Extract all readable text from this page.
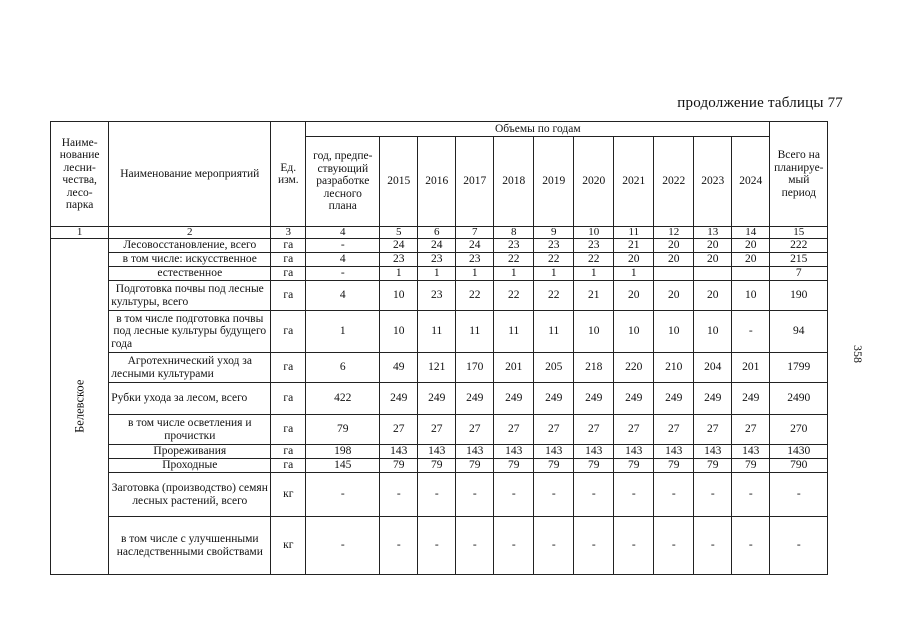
продолжение таблицы 77
358
Наиме-нование лесни-чества, лесо-парка	Наименование мероприятий	Ед. изм.	Объемы по годам											Всего на планируе-мый период
			год, предпе-ствующий разработке лесного плана	2015	2016	2017	2018	2019	2020	2021	2022	2023	2024	
1	2	3	4	5	6	7	8	9	10	11	12	13	14	15
Белевское	Лесовосстановление, всего	га	-	24	24	24	23	23	23	21	20	20	20	222
	в том числе: искусственное	га	4	23	23	23	22	22	22	20	20	20	20	215
	естественное	га	-	1	1	1	1	1	1	1				7
	Подготовка почвы под лесные культуры, всего	га	4	10	23	22	22	22	21	20	20	20	10	190
	в том числе подготовка почвы под лесные культуры будущего года	га	1	10	11	11	11	11	10	10	10	10	-	94
	Агротехнический уход за лесными культурами	га	6	49	121	170	201	205	218	220	210	204	201	1799
	Рубки ухода за лесом, всего	га	422	249	249	249	249	249	249	249	249	249	249	2490
	в том числе осветления и прочистки	га	79	27	27	27	27	27	27	27	27	27	27	270
	Прореживания	га	198	143	143	143	143	143	143	143	143	143	143	1430
	Проходные	га	145	79	79	79	79	79	79	79	79	79	79	790
	Заготовка (производство) семян лесных растений, всего	кг	-	-	-	-	-	-	-	-	-	-	-	-
	в том числе с улучшенными наследственными свойствами	кг	-	-	-	-	-	-	-	-	-	-	-	-
